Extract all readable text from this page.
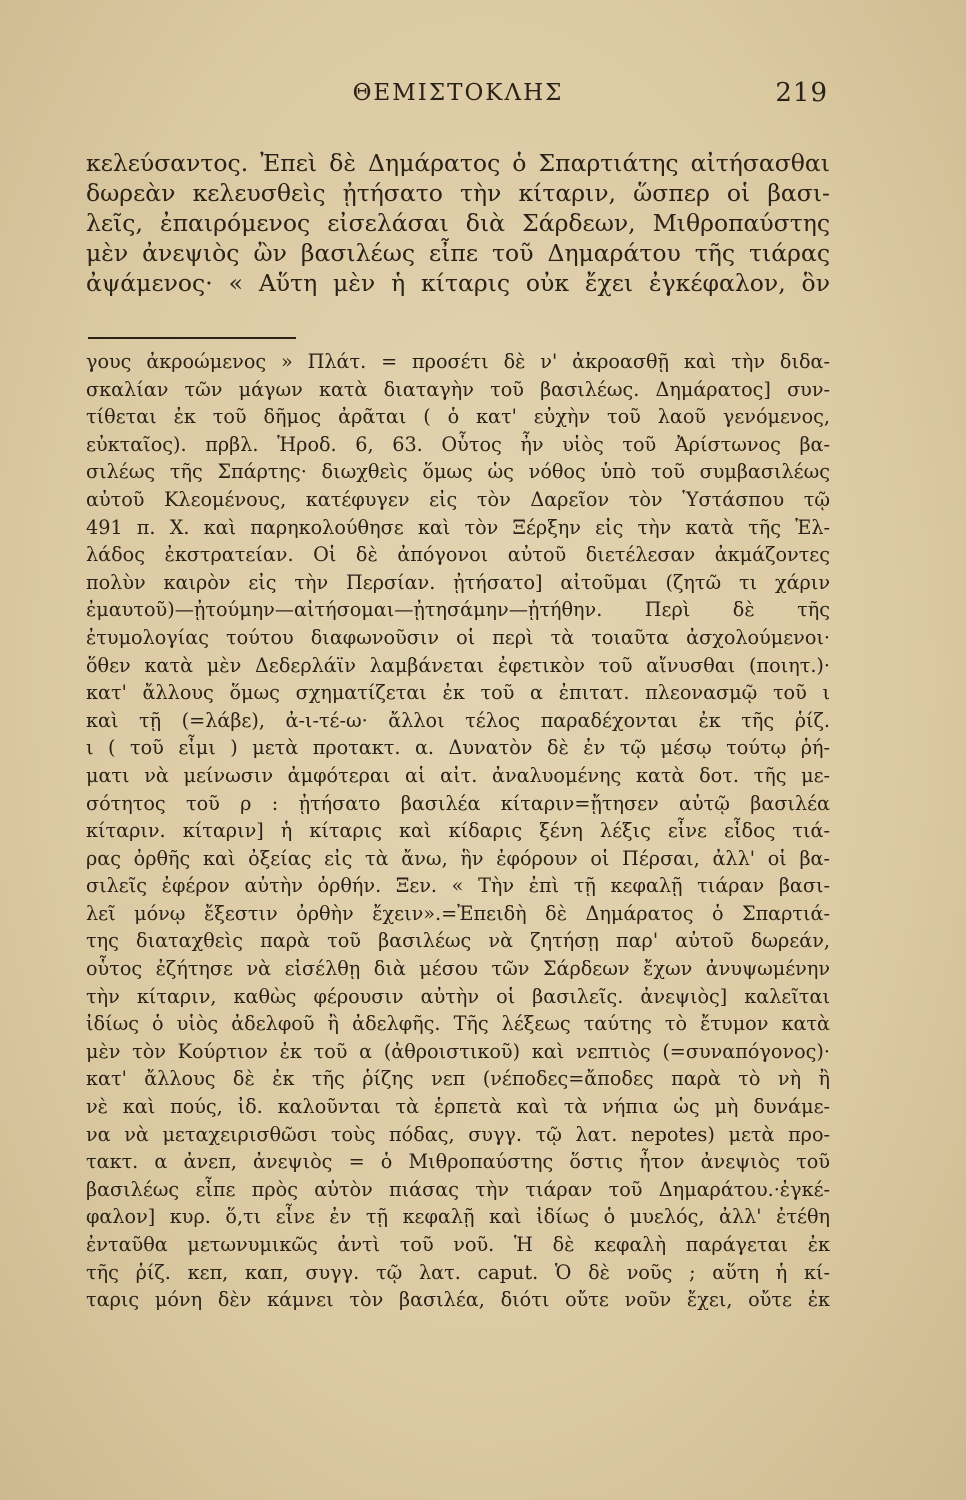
ΘΕΜΙΣΤΟΚΛΗΣ	219
κελεύσαντος. Ἐπεὶ δὲ Δημάρατος ὁ Σπαρτιάτης αἰτήσασθαι
δωρεὰν κελευσθεὶς ᾐτήσατο τὴν κίταριν, ὥσπερ οἱ βασι-
λεῖς, ἐπαιρόμενος εἰσελάσαι διὰ Σάρδεων, Μιθροπαύστης
μὲν ἀνεψιὸς ὢν βασιλέως εἶπε τοῦ Δημαράτου τῆς τιάρας
ἀψάμενος· « Αὕτη μὲν ἡ κίταρις οὐκ ἔχει ἐγκέφαλον, ὃν
γους ἀκροώμενος » Πλάτ. = προσέτι δὲ ν' ἀκροασθῇ καὶ τὴν διδα-
σκαλίαν τῶν μάγων κατὰ διαταγὴν τοῦ βασιλέως. Δημάρατος] συν-
τίθεται ἐκ τοῦ δῆμος ἀρᾶται ( ὁ κατ' εὐχὴν τοῦ λαοῦ γενόμενος,
εὐκταῖος). πρβλ. Ἡροδ. 6, 63. Οὗτος ἦν υἱὸς τοῦ Ἀρίστωνος βα-
σιλέως τῆς Σπάρτης· διωχθεὶς ὅμως ὡς νόθος ὑπὸ τοῦ συμβασιλέως
αὐτοῦ Κλεομένους, κατέφυγεν εἰς τὸν Δαρεῖον τὸν Ὑστάσπου τῷ
491 π. Χ. καὶ παρηκολούθησε καὶ τὸν Ξέρξην εἰς τὴν κατὰ τῆς Ἑλ-
λάδος ἐκστρατείαν. Οἱ δὲ ἀπόγονοι αὐτοῦ διετέλεσαν ἀκμάζοντες
πολὺν καιρὸν εἰς τὴν Περσίαν. ᾐτήσατο] αἰτοῦμαι (ζητῶ τι χάριν
ἐμαυτοῦ)—ᾐτούμην—αἰτήσομαι—ᾐτησάμην—ᾐτήθην. Περὶ δὲ τῆς
ἐτυμολογίας τούτου διαφωνοῦσιν οἱ περὶ τὰ τοιαῦτα ἀσχολούμενοι·
ὅθεν κατὰ μὲν Δεδερλάϊν λαμβάνεται ἐφετικὸν τοῦ αἴνυσθαι (ποιητ.)·
κατ' ἄλλους ὅμως σχηματίζεται ἐκ τοῦ α ἐπιτατ. πλεονασμῷ τοῦ ι
καὶ τῇ (=λάβε), ἀ-ι-τέ-ω· ἄλλοι τέλος παραδέχονται ἐκ τῆς ῥίζ.
ι ( τοῦ εἶμι ) μετὰ προτακτ. α. Δυνατὸν δὲ ἐν τῷ μέσῳ τούτῳ ῥή-
ματι νὰ μείνωσιν ἀμφότεραι αἱ αἰτ. ἀναλυομένης κατὰ δοτ. τῆς με-
σότητος τοῦ ρ : ᾐτήσατο βασιλέα κίταριν=ᾔτησεν αὐτῷ βασιλέα
κίταριν. κίταριν] ἡ κίταρις καὶ κίδαρις ξένη λέξις εἶνε εἶδος τιά-
ρας ὀρθῆς καὶ ὀξείας εἰς τὰ ἄνω, ἣν ἐφόρουν οἱ Πέρσαι, ἀλλ' οἱ βα-
σιλεῖς ἐφέρον αὐτὴν ὀρθήν. Ξεν. « Τὴν ἐπὶ τῇ κεφαλῇ τιάραν βασι-
λεῖ μόνῳ ἔξεστιν ὀρθὴν ἔχειν».=Ἐπειδὴ δὲ Δημάρατος ὁ Σπαρτιά-
της διαταχθεὶς παρὰ τοῦ βασιλέως νὰ ζητήσῃ παρ' αὐτοῦ δωρεάν,
οὗτος ἐζήτησε νὰ εἰσέλθῃ διὰ μέσου τῶν Σάρδεων ἔχων ἀνυψωμένην
τὴν κίταριν, καθὼς φέρουσιν αὐτὴν οἱ βασιλεῖς. ἀνεψιὸς] καλεῖται
ἰδίως ὁ υἱὸς ἀδελφοῦ ἢ ἀδελφῆς. Τῆς λέξεως ταύτης τὸ ἔτυμον κατὰ
μὲν τὸν Κούρτιον ἐκ τοῦ α (ἀθροιστικοῦ) καὶ νεπτιὸς (=συναπόγονος)·
κατ' ἄλλους δὲ ἐκ τῆς ῥίζης νεπ (νέποδες=ἄποδες παρὰ τὸ νὴ ἢ
νὲ καὶ πούς, ἰδ. καλοῦνται τὰ ἑρπετὰ καὶ τὰ νήπια ὡς μὴ δυνάμε-
να νὰ μεταχειρισθῶσι τοὺς πόδας, συγγ. τῷ λατ. nepotes) μετὰ προ-
τακτ. α ἀνεπ, ἀνεψιὸς = ὁ Μιθροπαύστης ὅστις ἦτον ἀνεψιὸς τοῦ
βασιλέως εἶπε πρὸς αὐτὸν πιάσας τὴν τιάραν τοῦ Δημαράτου.·ἐγκέ-
φαλον] κυρ. ὅ,τι εἶνε ἐν τῇ κεφαλῇ καὶ ἰδίως ὁ μυελός, ἀλλ' ἐτέθη
ἐνταῦθα μετωνυμικῶς ἀντὶ τοῦ νοῦ. Ἡ δὲ κεφαλὴ παράγεται ἐκ
τῆς ῥίζ. κεπ, καπ, συγγ. τῷ λατ. caput. Ὁ δὲ νοῦς ; αὕτη ἡ κί-
ταρις μόνη δὲν κάμνει τὸν βασιλέα, διότι οὔτε νοῦν ἔχει, οὔτε ἐκ
